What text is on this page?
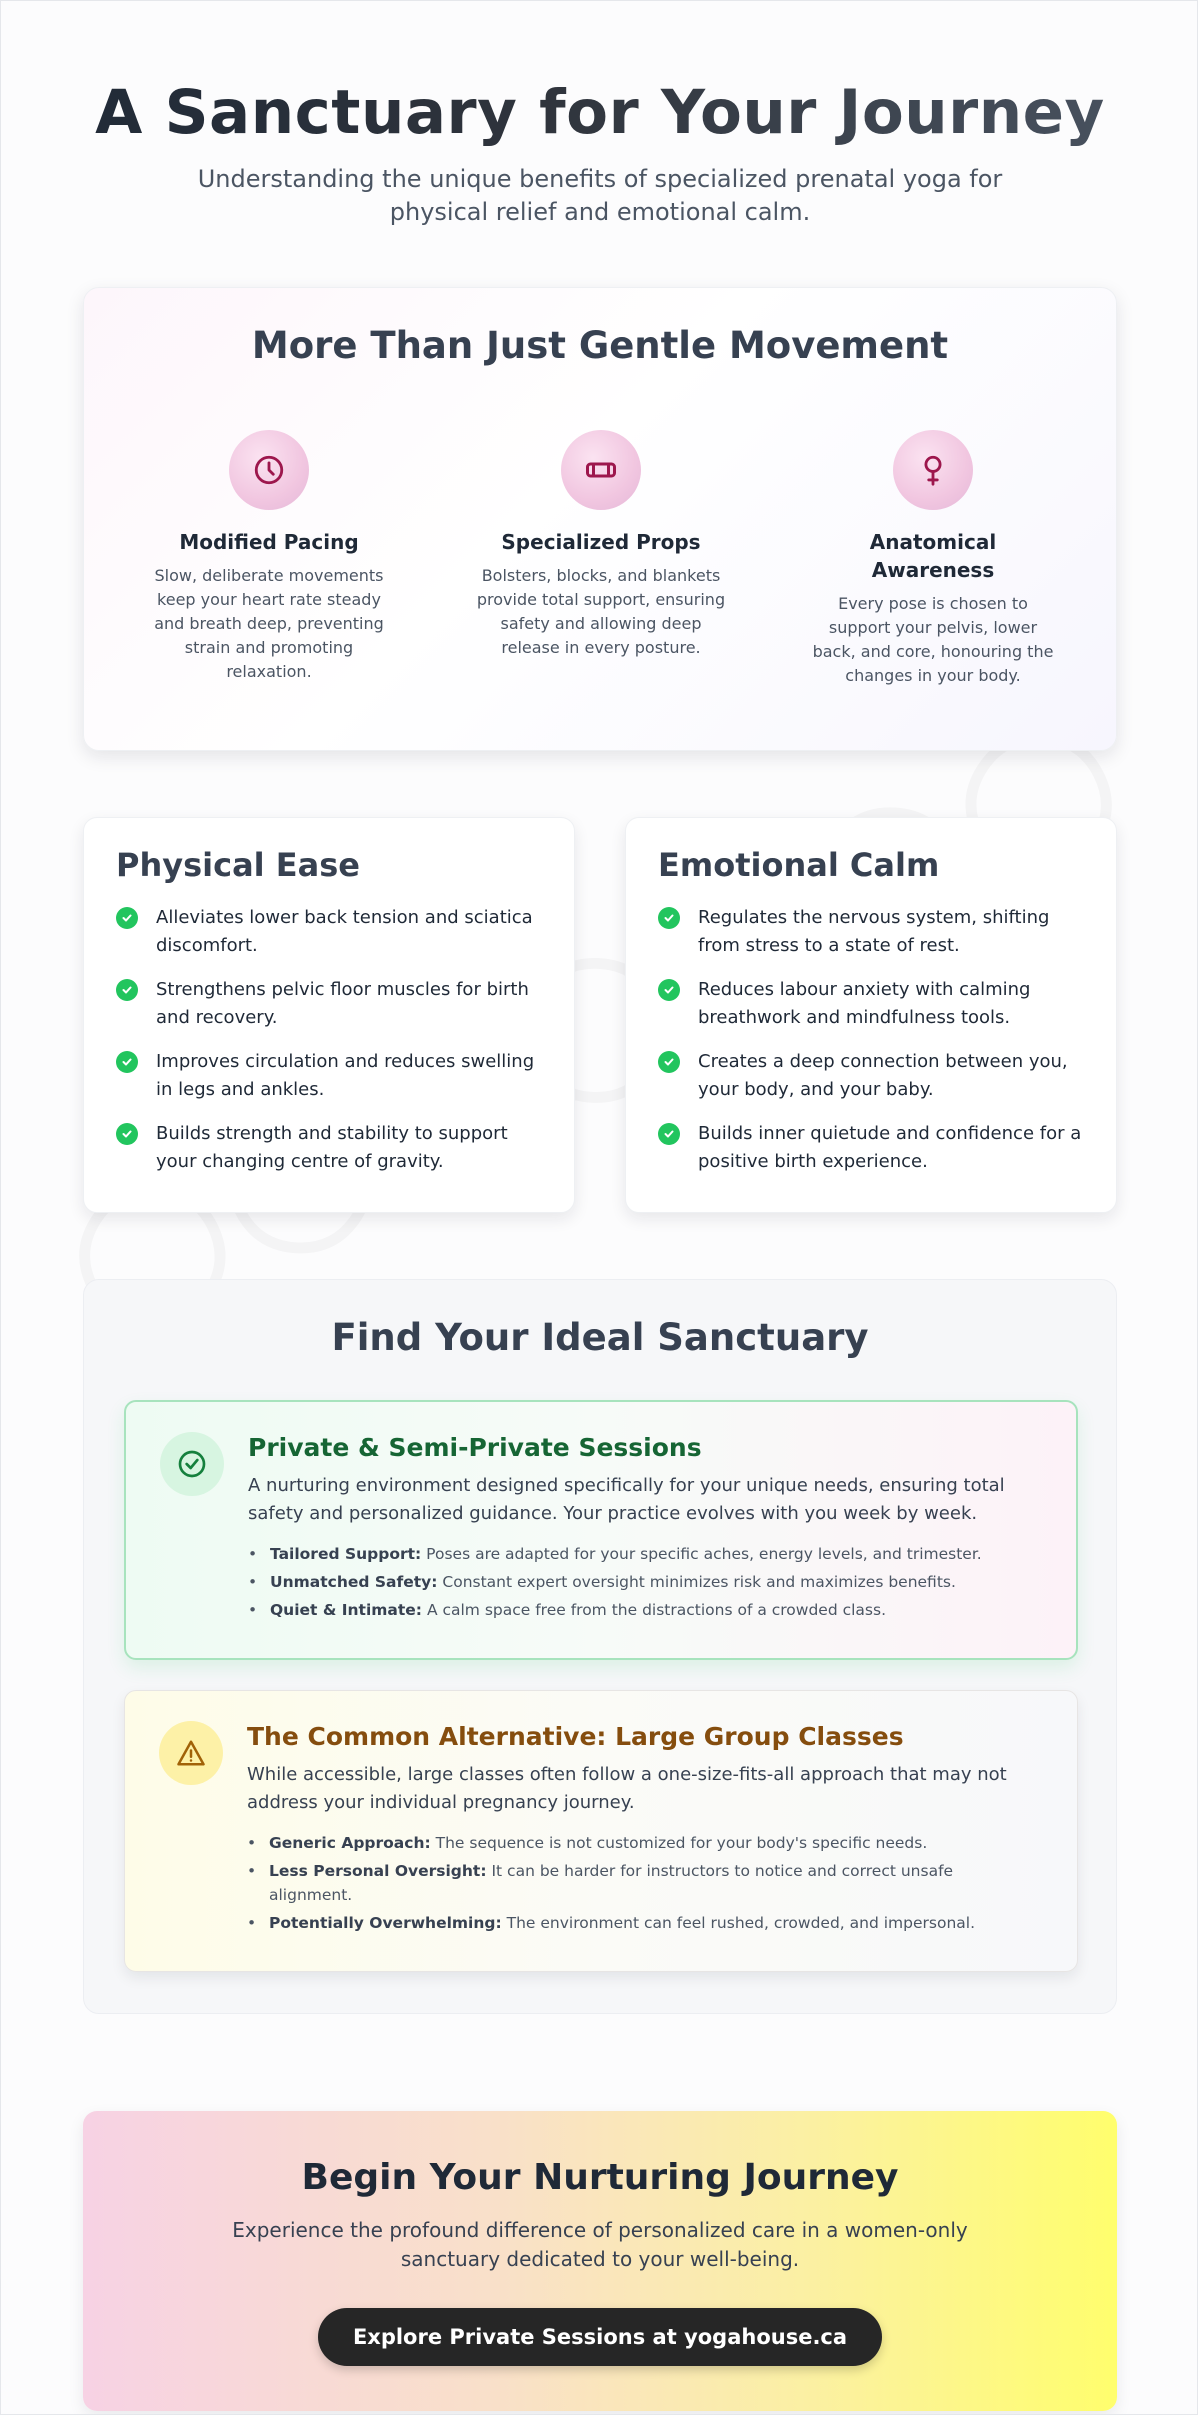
A Sanctuary for Your Journey

Understanding the unique benefits of specialized prenatal yoga for physical relief and emotional calm.

More Than Just Gentle Movement
Modified Pacing

Slow, deliberate movements keep your heart rate steady and breath deep, preventing strain and promoting relaxation.

Specialized Props

Bolsters, blocks, and blankets provide total support, ensuring safety and allowing deep release in every posture.

Anatomical Awareness

Every pose is chosen to support your pelvis, lower back, and core, honouring the changes in your body.

Physical Ease
Alleviates lower back tension and sciatica discomfort.
Strengthens pelvic floor muscles for birth and recovery.
Improves circulation and reduces swelling in legs and ankles.
Builds strength and stability to support your changing centre of gravity.
Emotional Calm
Regulates the nervous system, shifting from stress to a state of rest.
Reduces labour anxiety with calming breathwork and mindfulness tools.
Creates a deep connection between you, your body, and your baby.
Builds inner quietude and confidence for a positive birth experience.
Find Your Ideal Sanctuary
Private & Semi-Private Sessions

A nurturing environment designed specifically for your unique needs, ensuring total safety and personalized guidance. Your practice evolves with you week by week.

• Tailored Support: Poses are adapted for your specific aches, energy levels, and trimester.
• Unmatched Safety: Constant expert oversight minimizes risk and maximizes benefits.
• Quiet & Intimate: A calm space free from the distractions of a crowded class.
The Common Alternative: Large Group Classes

While accessible, large classes often follow a one-size-fits-all approach that may not address your individual pregnancy journey.

• Generic Approach: The sequence is not customized for your body's specific needs.
• Less Personal Oversight: It can be harder for instructors to notice and correct unsafe alignment.
• Potentially Overwhelming: The environment can feel rushed, crowded, and impersonal.
Begin Your Nurturing Journey

Experience the profound difference of personalized care in a women-only sanctuary dedicated to your well-being.

Explore Private Sessions at yogahouse.ca
